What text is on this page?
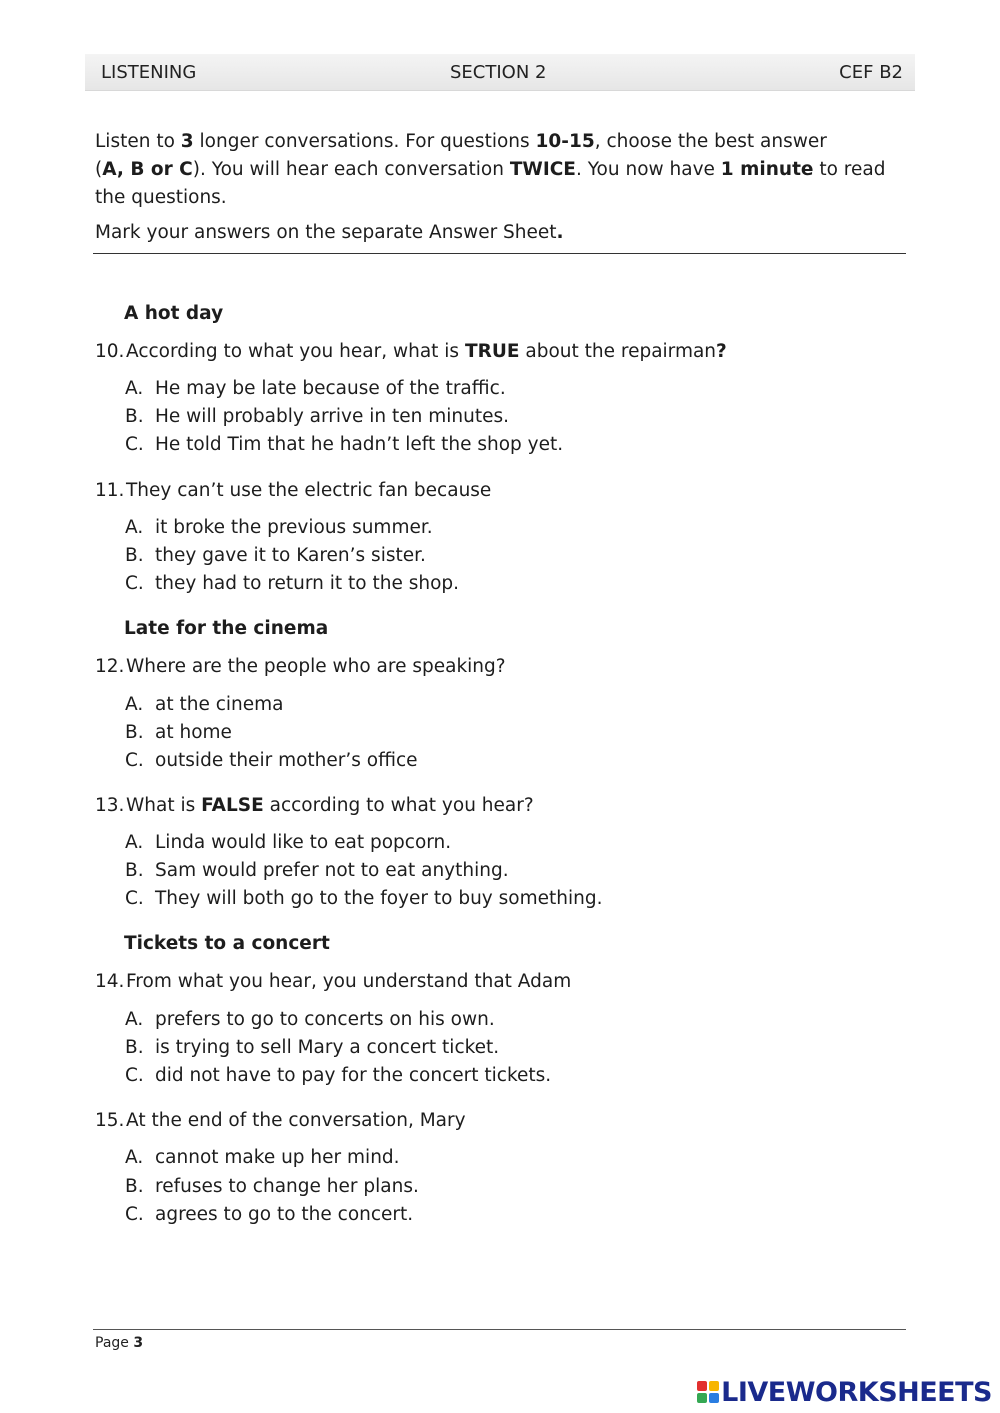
LISTENING	SECTION 2	CEF B2

Listen to 3 longer conversations. For questions 10-15, choose the best answer
(A, B or C). You will hear each conversation TWICE. You now have 1 minute to read
the questions.

Mark your answers on the separate Answer Sheet.
A hot day
10.According to what you hear, what is TRUE about the repairman?
A. He may be late because of the traffic.
B. He will probably arrive in ten minutes.
C. He told Tim that he hadn’t left the shop yet.
11.They can’t use the electric fan because
A. it broke the previous summer.
B. they gave it to Karen’s sister.
C. they had to return it to the shop.
Late for the cinema
12.Where are the people who are speaking?
A. at the cinema
B. at home
C. outside their mother’s office
13.What is FALSE according to what you hear?
A. Linda would like to eat popcorn.
B. Sam would prefer not to eat anything.
C. They will both go to the foyer to buy something.
Tickets to a concert
14.From what you hear, you understand that Adam
A. prefers to go to concerts on his own.
B. is trying to sell Mary a concert ticket.
C. did not have to pay for the concert tickets.
15.At the end of the conversation, Mary
A. cannot make up her mind.
B. refuses to change her plans.
C. agrees to go to the concert.
Page 3
LIVEWORKSHEETS
